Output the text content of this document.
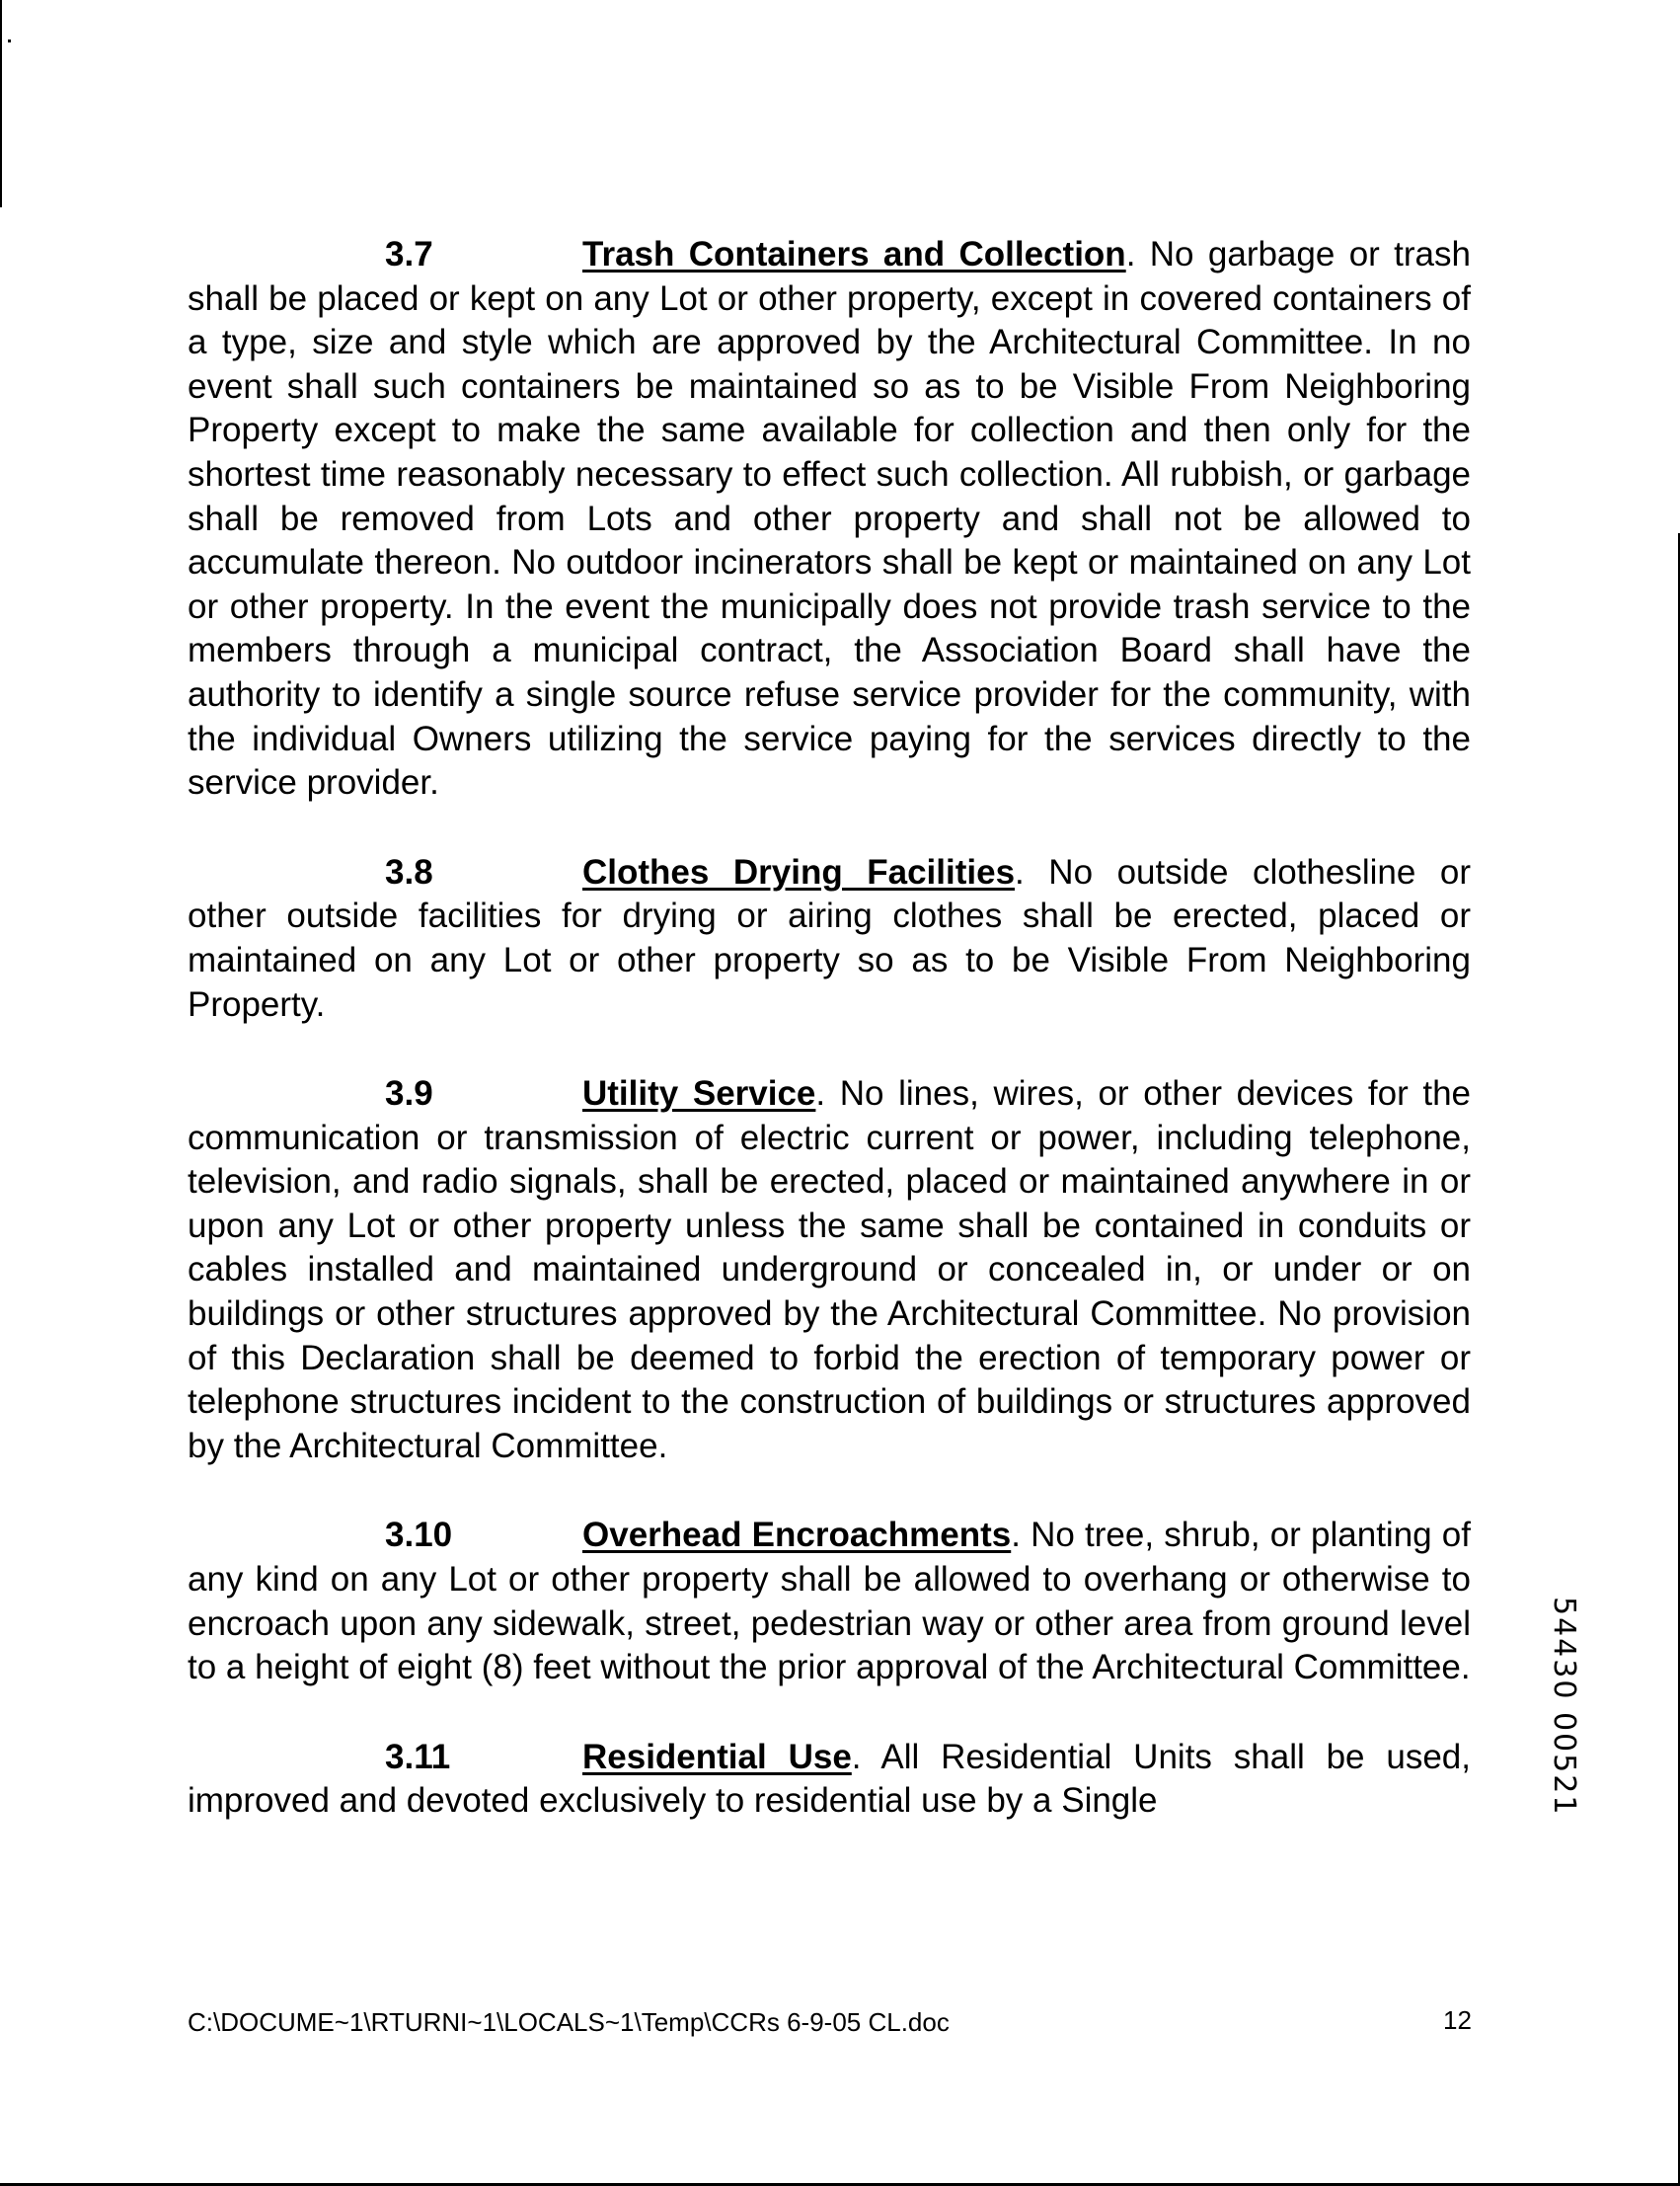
3.7	Trash Containers and Collection. No garbage or trash shall be placed or kept on any Lot or other property, except in covered containers of a type, size and style which are approved by the Architectural Committee. In no event shall such containers be maintained so as to be Visible From Neighboring Property except to make the same available for collection and then only for the shortest time reasonably necessary to effect such collection. All rubbish, or garbage shall be removed from Lots and other property and shall not be allowed to accumulate thereon. No outdoor incinerators shall be kept or maintained on any Lot or other property. In the event the municipally does not provide trash service to the members through a municipal contract, the Association Board shall have the authority to identify a single source refuse service provider for the community, with the individual Owners utilizing the service paying for the services directly to the service provider.

3.8	Clothes Drying Facilities. No outside clothesline or other outside facilities for drying or airing clothes shall be erected, placed or maintained on any Lot or other property so as to be Visible From Neighboring Property.

3.9	Utility Service. No lines, wires, or other devices for the communication or transmission of electric current or power, including telephone, television, and radio signals, shall be erected, placed or maintained anywhere in or upon any Lot or other property unless the same shall be contained in conduits or cables installed and maintained underground or concealed in, or under or on buildings or other structures approved by the Architectural Committee. No provision of this Declaration shall be deemed to forbid the erection of temporary power or telephone structures incident to the construction of buildings or structures approved by the Architectural Committee.

3.10	Overhead Encroachments. No tree, shrub, or planting of any kind on any Lot or other property shall be allowed to overhang or otherwise to encroach upon any sidewalk, street, pedestrian way or other area from ground level to a height of eight (8) feet without the prior approval of the Architectural Committee.

3.11	Residential Use. All Residential Units shall be used, improved and devoted exclusively to residential use by a Single	54430 00521
C:\DOCUME~1\RTURNI~1\LOCALS~1\Temp\CCRs 6-9-05 CL.doc	12
